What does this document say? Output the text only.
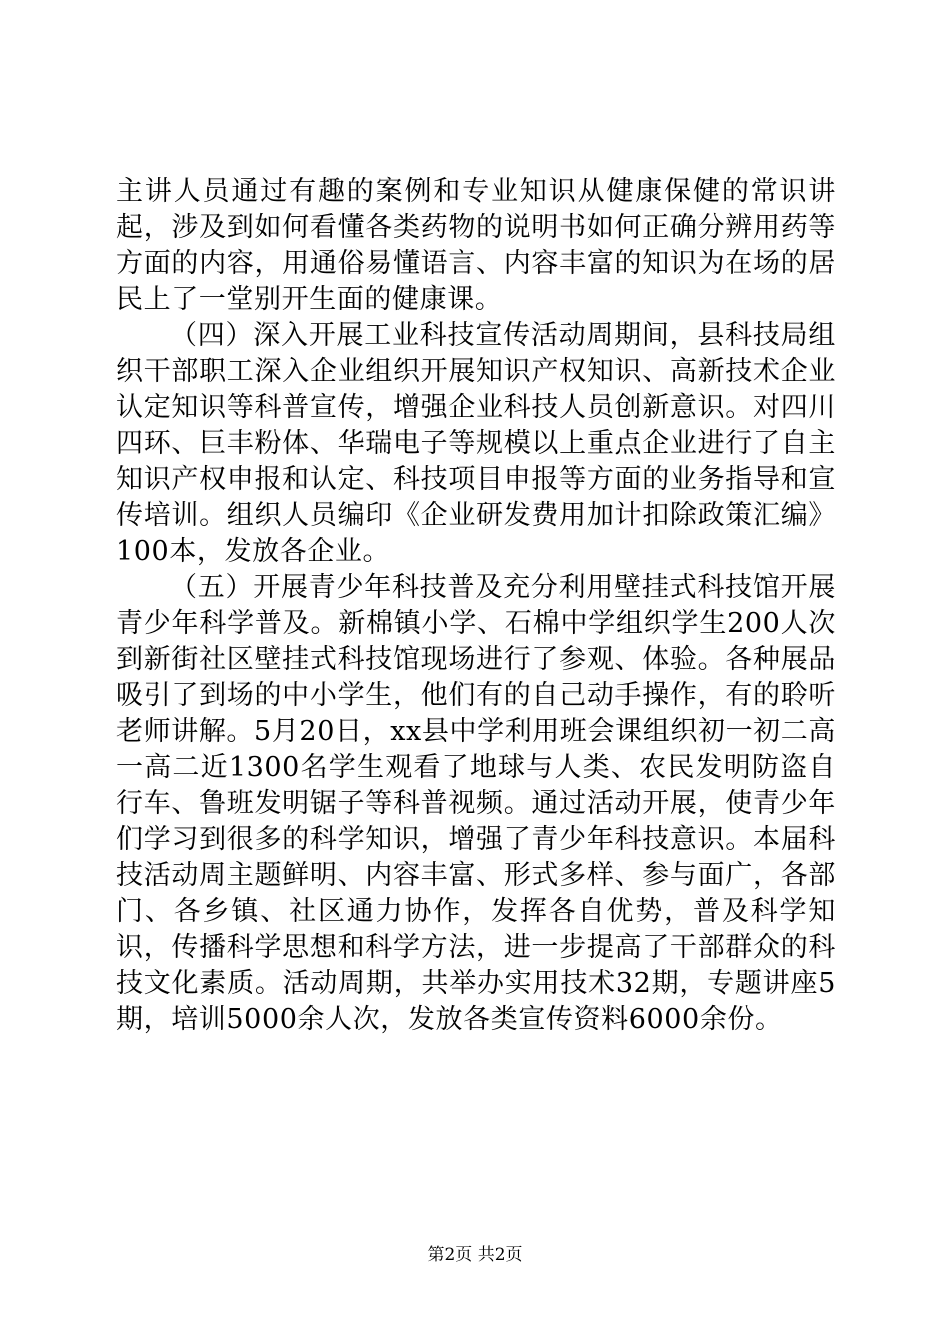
主讲人员通过有趣的案例和专业知识从健康保健的常识讲起，涉及到如何看懂各类药物的说明书如何正确分辨用药等方面的内容，用通俗易懂语言、内容丰富的知识为在场的居民上了一堂别开生面的健康课。

（四）深入开展工业科技宣传活动周期间，县科技局组织干部职工深入企业组织开展知识产权知识、高新技术企业认定知识等科普宣传，增强企业科技人员创新意识。对四川四环、巨丰粉体、华瑞电子等规模以上重点企业进行了自主知识产权申报和认定、科技项目申报等方面的业务指导和宣传培训。组织人员编印《企业研发费用加计扣除政策汇编》100本，发放各企业。

（五）开展青少年科技普及充分利用壁挂式科技馆开展青少年科学普及。新棉镇小学、石棉中学组织学生200人次到新街社区壁挂式科技馆现场进行了参观、体验。各种展品吸引了到场的中小学生，他们有的自己动手操作，有的聆听老师讲解。5月20日，xx县中学利用班会课组织初一初二高一高二近1300名学生观看了地球与人类、农民发明防盗自行车、鲁班发明锯子等科普视频。通过活动开展，使青少年们学习到很多的科学知识，增强了青少年科技意识。本届科技活动周主题鲜明、内容丰富、形式多样、参与面广，各部门、各乡镇、社区通力协作，发挥各自优势，普及科学知识，传播科学思想和科学方法，进一步提高了干部群众的科技文化素质。活动周期，共举办实用技术32期，专题讲座5期，培训5000余人次，发放各类宣传资料6000余份。

第2页 共2页
